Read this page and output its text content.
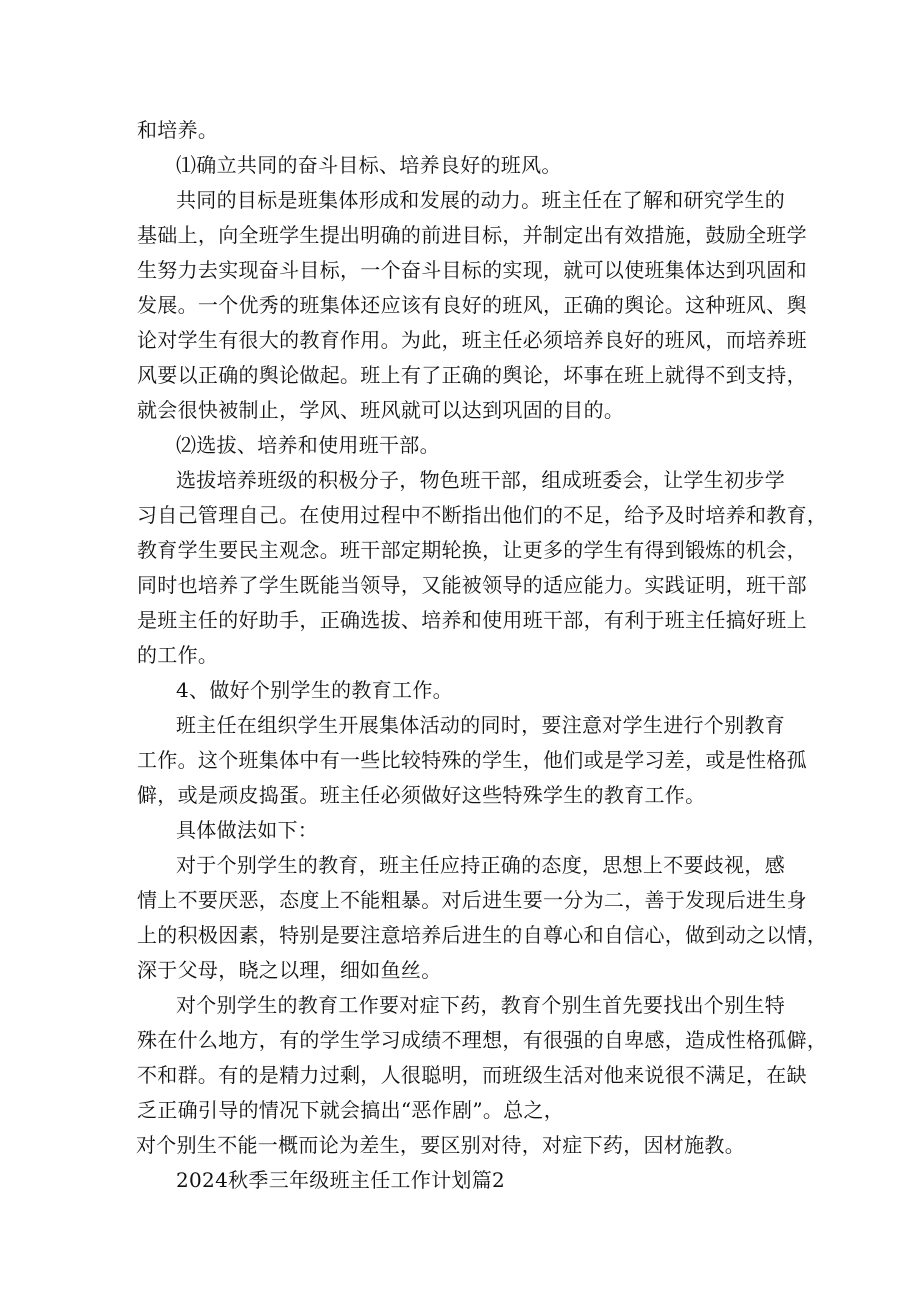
和培养。
⑴确立共同的奋斗目标、培养良好的班风。
共同的目标是班集体形成和发展的动力。班主任在了解和研究学生的
基础上，向全班学生提出明确的前进目标，并制定出有效措施，鼓励全班学
生努力去实现奋斗目标，一个奋斗目标的实现，就可以使班集体达到巩固和
发展。一个优秀的班集体还应该有良好的班风，正确的舆论。这种班风、舆
论对学生有很大的教育作用。为此，班主任必须培养良好的班风，而培养班
风要以正确的舆论做起。班上有了正确的舆论，坏事在班上就得不到支持，
就会很快被制止，学风、班风就可以达到巩固的目的。
⑵选拔、培养和使用班干部。
选拔培养班级的积极分子，物色班干部，组成班委会，让学生初步学
习自己管理自己。在使用过程中不断指出他们的不足，给予及时培养和教育，
教育学生要民主观念。班干部定期轮换，让更多的学生有得到锻炼的机会，
同时也培养了学生既能当领导，又能被领导的适应能力。实践证明，班干部
是班主任的好助手，正确选拔、培养和使用班干部，有利于班主任搞好班上
的工作。
4、做好个别学生的教育工作。
班主任在组织学生开展集体活动的同时，要注意对学生进行个别教育
工作。这个班集体中有一些比较特殊的学生，他们或是学习差，或是性格孤
僻，或是顽皮捣蛋。班主任必须做好这些特殊学生的教育工作。
具体做法如下：
对于个别学生的教育，班主任应持正确的态度，思想上不要歧视，感
情上不要厌恶，态度上不能粗暴。对后进生要一分为二，善于发现后进生身
上的积极因素，特别是要注意培养后进生的自尊心和自信心，做到动之以情，
深于父母，晓之以理，细如鱼丝。
对个别学生的教育工作要对症下药，教育个别生首先要找出个别生特
殊在什么地方，有的学生学习成绩不理想，有很强的自卑感，造成性格孤僻，
不和群。有的是精力过剩，人很聪明，而班级生活对他来说很不满足，在缺
乏正确引导的情况下就会搞出“恶作剧”。总之，
对个别生不能一概而论为差生，要区别对待，对症下药，因材施教。
2024秋季三年级班主任工作计划篇2
